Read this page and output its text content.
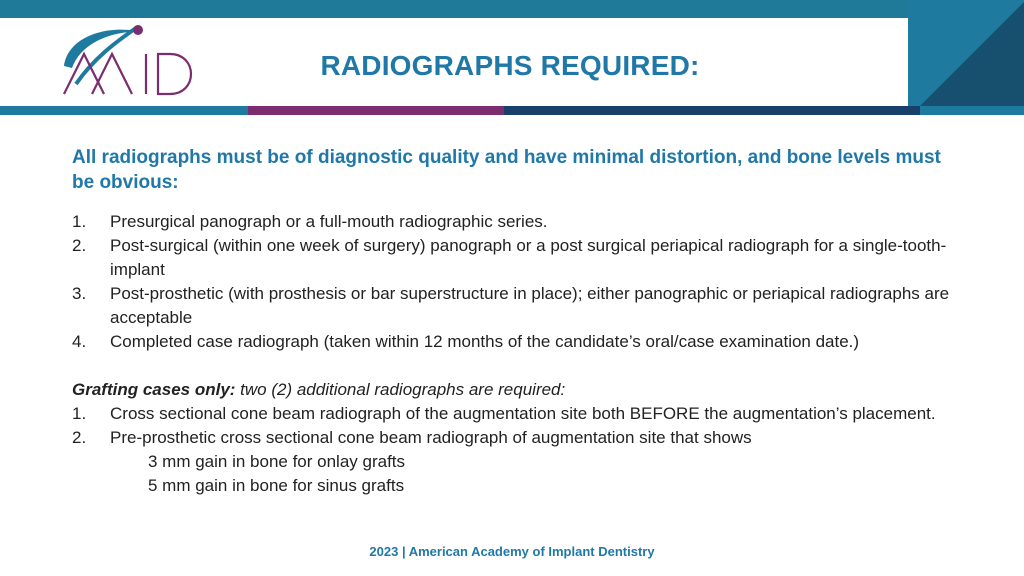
RADIOGRAPHS REQUIRED:
All radiographs must be of diagnostic quality and have minimal distortion, and bone levels must be obvious:
1.	Presurgical panograph or a full-mouth radiographic series.
2.	Post-surgical (within one week of surgery) panograph or a post surgical periapical radiograph for a single-tooth-implant
3.	Post-prosthetic (with prosthesis or bar superstructure in place); either panographic or periapical radiographs are acceptable
4.	Completed case radiograph (taken within 12 months of the candidate’s oral/case examination date.)
Grafting cases only: two (2) additional radiographs are required:
1.	Cross sectional cone beam radiograph of the augmentation site both BEFORE the augmentation’s placement.
2.	Pre-prosthetic cross sectional cone beam radiograph of augmentation site that shows
3 mm gain in bone for onlay grafts
5 mm gain in bone for sinus grafts
2023 | American Academy of Implant Dentistry
